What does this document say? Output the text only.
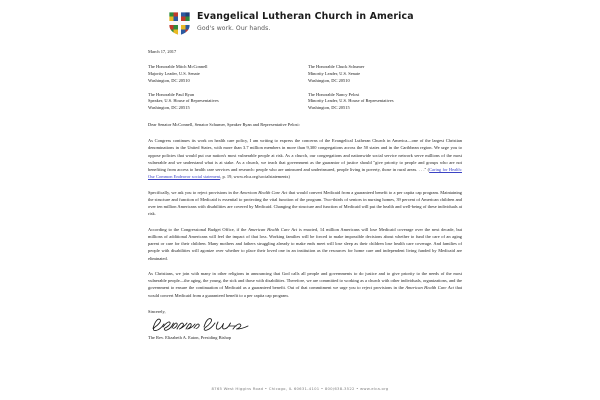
Evangelical Lutheran Church in America
God's work. Our hands.
March 17, 2017
The Honorable Mitch McConnell
Majority Leader, U.S. Senate
Washington, DC 20510
The Honorable Paul Ryan
Speaker, U.S. House of Representatives
Washington, DC 20515
The Honorable Chuck Schumer
Minority Leader, U.S. Senate
Washington, DC 20510
The Honorable Nancy Pelosi
Minority Leader, U.S. House of Representatives
Washington, DC 20515
Dear Senator McConnell, Senator Schumer, Speaker Ryan and Representative Pelosi:

As Congress continues its work on health care policy, I am writing to express the concerns of the Evangelical Lutheran Church in America—one of the largest Christian denominations in the United States, with more than 3.7 million members in more than 9,300 congregations across the 50 states and in the Caribbean region. We urge you to oppose policies that would put our nation's most vulnerable people at risk. As a church, our congregations and nationwide social service network serve millions of the most vulnerable and we understand what is at stake. As a church, we teach that government as the guarantor of justice should "give priority to people and groups who are not benefiting from access to health care services and research: people who are uninsured and underinsured, people living in poverty, those in rural areas. . . ." (Caring for Health: Our Common Endeavor social statement, p. 19, www.elca.org/socialstatements)

Specifically, we ask you to reject provisions in the American Health Care Act that would convert Medicaid from a guaranteed benefit to a per capita cap program. Maintaining the structure and function of Medicaid is essential to protecting the vital function of the program. Two-thirds of seniors in nursing homes, 39 percent of American children and over ten million Americans with disabilities are covered by Medicaid. Changing the structure and function of Medicaid will put the health and well-being of these individuals at risk.

According to the Congressional Budget Office, if the American Health Care Act is enacted, 14 million Americans will lose Medicaid coverage over the next decade, but millions of additional Americans will feel the impact of that loss. Working families will be forced to make impossible decisions about whether to fund the care of an aging parent or care for their children. Many mothers and fathers struggling already to make ends meet will lose sleep as their children lose health care coverage. And families of people with disabilities will agonize over whether to place their loved one in an institution as the resources for home care and independent living funded by Medicaid are eliminated.

As Christians, we join with many in other religions in announcing that God calls all people and governments to do justice and to give priority to the needs of the most vulnerable people—the aging, the young, the sick and those with disabilities. Therefore, we are committed to working as a church with other individuals, organizations, and the government to ensure the continuation of Medicaid as a guaranteed benefit. Out of that commitment we urge you to reject provisions in the American Health Care Act that would convert Medicaid from a guaranteed benefit to a per capita cap program.

Sincerely,
The Rev. Elizabeth A. Eaton, Presiding Bishop
8765 West Higgins Road • Chicago, IL 60631-4101 • 800/638-3522 • www.elca.org
